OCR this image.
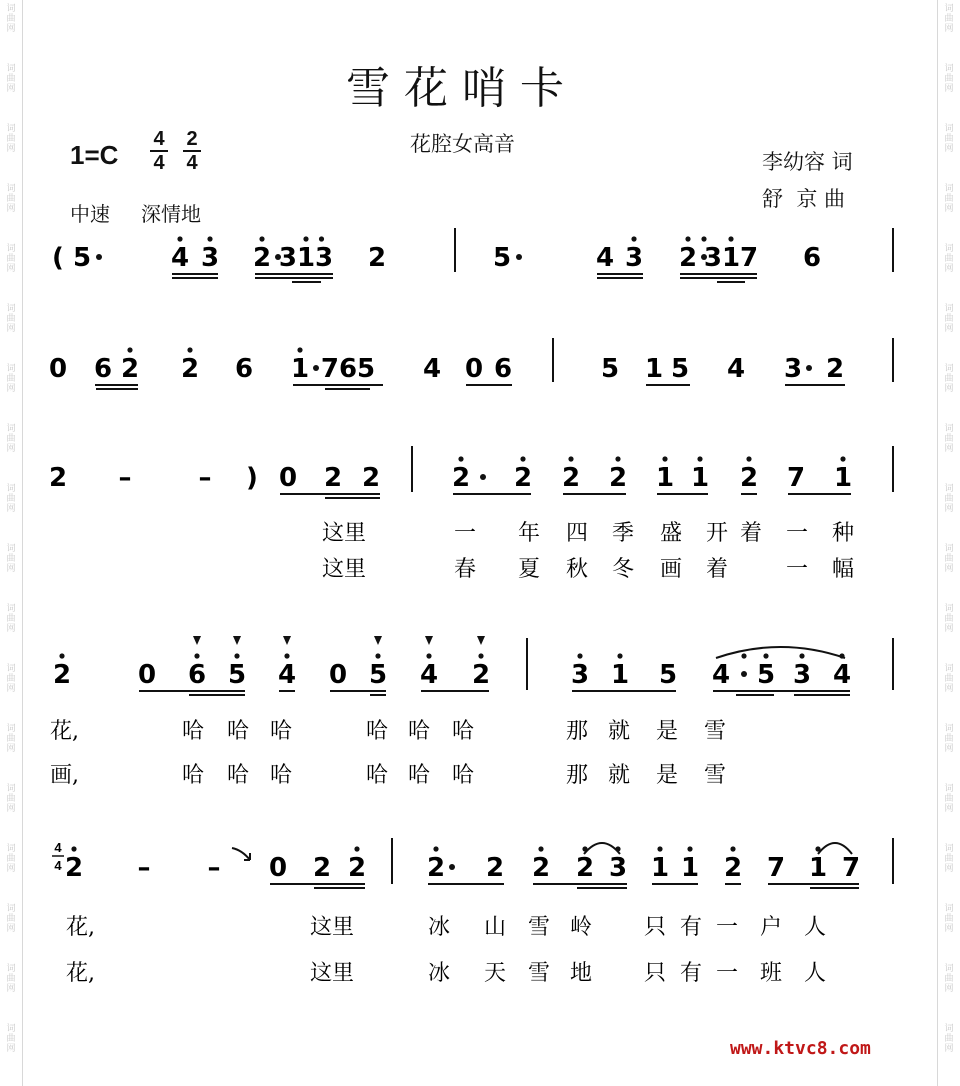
词
曲
网
词
曲
网
词
曲
网
词
曲
网
词
曲
网
词
曲
网
词
曲
网
词
曲
网
词
曲
网
词
曲
网
词
曲
网
词
曲
网
词
曲
网
词
曲
网
词
曲
网
词
曲
网
词
曲
网
词
曲
网
词
曲
网
词
曲
网
词
曲
网
词
曲
网
词
曲
网
词
曲
网
词
曲
网
词
曲
网
词
曲
网
词
曲
网
词
曲
网
词
曲
网
词
曲
网
词
曲
网
词
曲
网
词
曲
网
词
曲
网
词
曲
网
雪花哨卡
花腔女高音
1=C
4
4
2
4
中速 深情地
李幼容 词
舒  京 曲
( 5	4 3 2 313 2	5	4 3 2 317 6
0 6 2 2 6 1 765 4 0 6	5 1 5 4 3 2
2 –	– ) 0 2 2	2 2 2 2 1 1 2 7 1
这里	一 年 四 季 盛 开 着 一 种
这里	春 夏 秋 冬 画 着	一 幅
2	0 6 5 4 0 5 4 2	3 1 5 4 5 3 4
花,	哈 哈 哈	哈 哈 哈	那 就 是 雪
画,	哈 哈 哈	哈 哈 哈	那 就 是 雪
4
4 2 – – 0 2 2 2 2 2 2 3 1 1 2 7 1 7
花,	这里	冰 山 雪 岭 只 有 一 户 人
花,	这里	冰 天 雪 地 只 有 一 班 人
www.ktvc8.com
